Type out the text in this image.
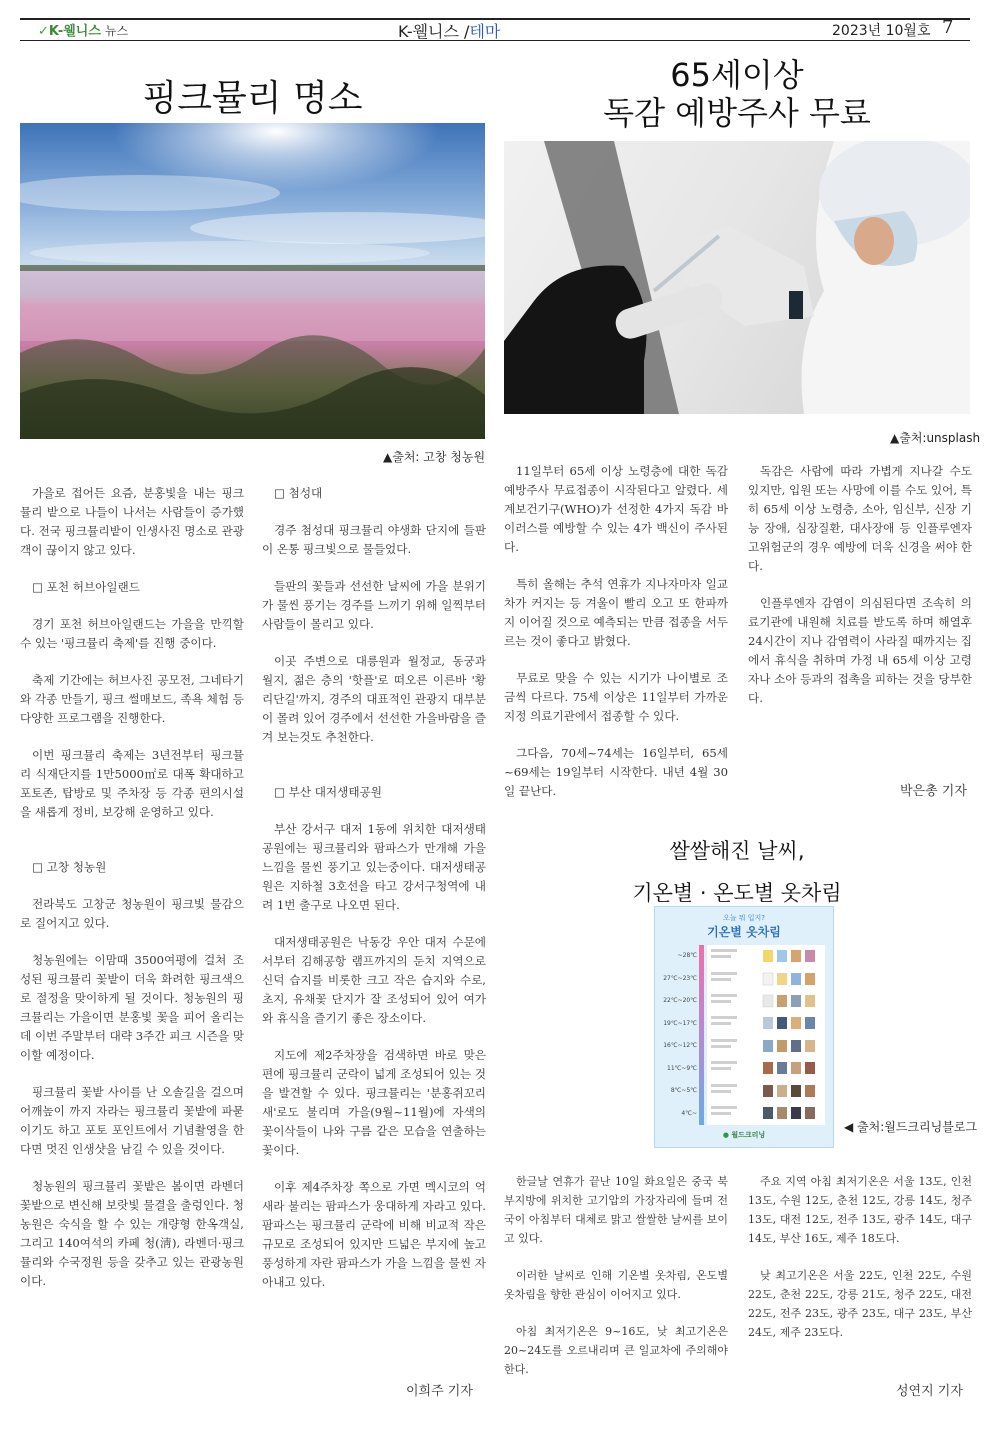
✓K-웰니스 뉴스	K-웰니스 /테마	2023년 10월호 7
핑크뮬리 명소
▲출처: 고창 청농원

가을로 접어든 요즘, 분홍빛을 내는 핑크뮬리 밭으로 나들이 나서는 사람들이 증가했다. 전국 핑크뮬리밭이 인생사진 명소로 관광객이 끊이지 않고 있다.

□ 포천 허브아일랜드

경기 포천 허브아일랜드는 가을을 만끽할 수 있는 '핑크뮬리 축제'를 진행 중이다.

축제 기간에는 허브사진 공모전, 그네타기와 각종 만들기, 핑크 썰매보드, 족욕 체험 등 다양한 프로그램을 진행한다.

이번 핑크뮬리 축제는 3년전부터 핑크뮬리 식재단지를 1만5000㎡로 대폭 확대하고 포토존, 탑방로 및 주차장 등 각종 편의시설을 새롭게 정비, 보강해 운영하고 있다.

□ 고창 청농원

전라북도 고창군 청농원이 핑크빛 물감으로 질어지고 있다.

청농원에는 이맘때 3500여평에 걸쳐 조성된 핑크뮬리 꽃밭이 더욱 화려한 핑크색으로 절정을 맞이하게 될 것이다. 청농원의 핑크뮬리는 가을이면 분홍빛 꽃을 피어 올리는데 이번 주말부터 대략 3주간 피크 시즌을 맞이할 예정이다.

핑크뮬리 꽃밭 사이를 난 오솔길을 걸으며 어깨높이 까지 자라는 핑크뮬리 꽃밭에 파묻이기도 하고 포토 포인트에서 기념촬영을 한다면 멋진 인생샷을 남길 수 있을 것이다.

청농원의 핑크뮬리 꽃밭은 봄이면 라벤더 꽃밭으로 변신해 보랏빛 물결을 출렁인다. 청농원은 숙식을 할 수 있는 개량형 한옥객실, 그리고 140여석의 카페 청(淸), 라벤더·핑크뮬리와 수국정원 등을 갖추고 있는 관광농원이다.

□ 첨성대

경주 첨성대 핑크뮬리 야생화 단지에 들판이 온통 핑크빛으로 물들었다.

들판의 꽃들과 선선한 날씨에 가을 분위기가 물씬 풍기는 경주를 느끼기 위해 일찍부터 사람들이 몰리고 있다.

이곳 주변으로 대릉원과 월정교, 동궁과 월지, 젊은 층의 '핫플'로 떠오른 이른바 '황리단길'까지, 경주의 대표적인 관광지 대부분이 몰려 있어 경주에서 선선한 가을바람을 즐겨 보는것도 추천한다.

□ 부산 대저생태공원

부산 강서구 대저 1동에 위치한 대저생태공원에는 핑크뮬리와 팜파스가 만개해 가을 느낌을 물씬 풍기고 있는중이다. 대저생태공원은 지하철 3호선을 타고 강서구청역에 내려 1번 출구로 나오면 된다.

대저생태공원은 낙동강 우안 대저 수문에서부터 김해공항 램프까지의 둔치 지역으로 신덕 습지를 비롯한 크고 작은 습지와 수로, 초지, 유채꽃 단지가 잘 조성되어 있어 여가와 휴식을 즐기기 좋은 장소이다.

지도에 제2주차장을 검색하면 바로 맞은편에 핑크뮬리 군락이 넓게 조성되어 있는 것을 발견할 수 있다. 핑크뮬리는 '분홍쥐꼬리새'로도 불리며 가을(9월~11월)에 자색의 꽃이삭들이 나와 구름 같은 모습을 연출하는 꽃이다.

이후 제4주차장 쪽으로 가면 멕시코의 억새라 불리는 팜파스가 웅대하게 자라고 있다. 팜파스는 핑크뮬리 군락에 비해 비교적 작은 규모로 조성되어 있지만 드넓은 부지에 높고 풍성하게 자란 팜파스가 가을 느낌을 물씬 자아내고 있다.

이희주 기자
65세이상
독감 예방주사 무료
▲출처:unsplash

11일부터 65세 이상 노령층에 대한 독감 예방주사 무료접종이 시작된다고 알렸다. 세계보건기구(WHO)가 선정한 4가지 독감 바이러스를 예방할 수 있는 4가 백신이 주사된다.

특히 올해는 추석 연휴가 지나자마자 일교차가 커지는 등 겨울이 빨리 오고 또 한파까지 이어질 것으로 예측되는 만큼 접종을 서두르는 것이 좋다고 밝혔다.

무료로 맞을 수 있는 시기가 나이별로 조금씩 다르다. 75세 이상은 11일부터 가까운 지정 의료기관에서 접종할 수 있다.

그다음, 70세~74세는 16일부터, 65세~69세는 19일부터 시작한다. 내년 4월 30일 끝난다.

독감은 사람에 따라 가볍게 지나갈 수도 있지만, 입원 또는 사망에 이를 수도 있어, 특히 65세 이상 노령층, 소아, 임신부, 신장 기능 장애, 심장질환, 대사장애 등 인플루엔자 고위험군의 경우 예방에 더욱 신경을 써야 한다.

인플루엔자 감염이 의심된다면 조속히 의료기관에 내원해 치료를 받도록 하며 해열후 24시간이 지나 감염력이 사라질 때까지는 집에서 휴식을 취하며 가정 내 65세 이상 고령자나 소아 등과의 접촉을 피하는 것을 당부한다.

박은총 기자
쌀쌀해진 날씨,
기온별 · 온도별 옷차림
오늘 뭐 입지?
기온별 옷차림
~28℃
27℃~23℃
22℃~20℃
19℃~17℃
16℃~12℃
11℃~9℃
8℃~5℃
4℃~
● 월드크리닝
◀ 출처:월드크리닝블로그

한글날 연휴가 끝난 10일 화요일은 중국 북부지방에 위치한 고기압의 가장자리에 들며 전국이 아침부터 대체로 맑고 쌀쌀한 날씨를 보이고 있다.

이러한 날씨로 인해 기온별 옷차림, 온도별 옷차림을 향한 관심이 이어지고 있다.

아침 최저기온은 9~16도, 낮 최고기온은 20~24도를 오르내리며 큰 일교차에 주의해야 한다.

주요 지역 아침 최저기온은 서울 13도, 인천 13도, 수원 12도, 춘천 12도, 강릉 14도, 청주 13도, 대전 12도, 전주 13도, 광주 14도, 대구 14도, 부산 16도, 제주 18도다.

낮 최고기온은 서울 22도, 인천 22도, 수원 22도, 춘천 22도, 강릉 21도, 청주 22도, 대전 22도, 전주 23도, 광주 23도, 대구 23도, 부산 24도, 제주 23도다.

성연지 기자
